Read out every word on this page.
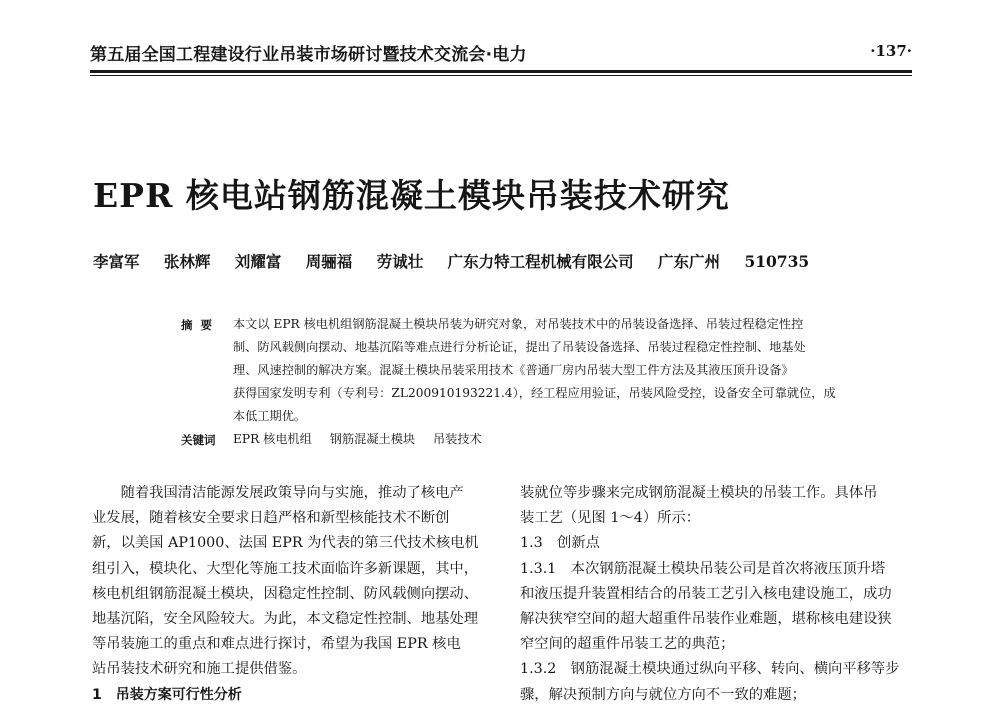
第五届全国工程建设行业吊装市场研讨暨技术交流会·电力	·137·
EPR 核电站钢筋混凝土模块吊装技术研究
李富军 张林辉 刘耀富 周骊福 劳诚壮 广东力特工程机械有限公司 广东广州 510735
摘要 本文以 EPR 核电机组钢筋混凝土模块吊装为研究对象，对吊装技术中的吊装设备选择、吊装过程稳定性控
制、防风载侧向摆动、地基沉陷等难点进行分析论证，提出了吊装设备选择、吊装过程稳定性控制、地基处
理、风速控制的解决方案。混凝土模块吊装采用技术《普通厂房内吊装大型工件方法及其液压顶升设备》
获得国家发明专利（专利号：ZL200910193221.4），经工程应用验证，吊装风险受控，设备安全可靠就位，成
本低工期优。
关键词 EPR 核电机组 钢筋混凝土模块 吊装技术
　　随着我国清洁能源发展政策导向与实施，推动了核电产
业发展，随着核安全要求日趋严格和新型核能技术不断创
新，以美国 AP1000、法国 EPR 为代表的第三代技术核电机
组引入，模块化、大型化等施工技术面临许多新课题，其中，
核电机组钢筋混凝土模块，因稳定性控制、防风载侧向摆动、
地基沉陷，安全风险较大。为此，本文稳定性控制、地基处理
等吊装施工的重点和难点进行探讨，希望为我国 EPR 核电
站吊装技术研究和施工提供借鉴。
1　吊装方案可行性分析
装就位等步骤来完成钢筋混凝土模块的吊装工作。具体吊
装工艺（见图 1～4）所示：
1.3　创新点
1.3.1　本次钢筋混凝土模块吊装公司是首次将液压顶升塔
和液压提升装置相结合的吊装工艺引入核电建设施工，成功
解决狭窄空间的超大超重件吊装作业难题，堪称核电建设狭
窄空间的超重件吊装工艺的典范；
1.3.2　钢筋混凝土模块通过纵向平移、转向、横向平移等步
骤，解决预制方向与就位方向不一致的难题；
